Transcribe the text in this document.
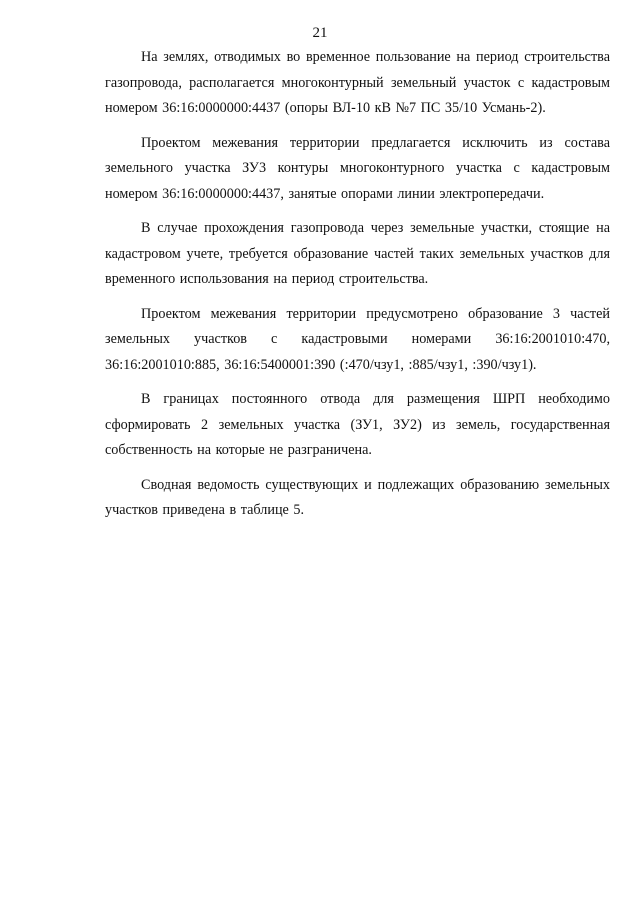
21

На землях, отводимых во временное пользование на период строительства газопровода, располагается многоконтурный земельный участок с кадастровым номером 36:16:0000000:4437 (опоры ВЛ-10 кВ №7 ПС 35/10 Усмань-2).

Проектом межевания территории предлагается исключить из состава земельного участка ЗУ3 контуры многоконтурного участка с кадастровым номером 36:16:0000000:4437, занятые опорами линии электропередачи.

В случае прохождения газопровода через земельные участки, стоящие на кадастровом учете, требуется образование частей таких земельных участков для временного использования на период строительства.

Проектом межевания территории предусмотрено образование 3 частей земельных участков с кадастровыми номерами 36:16:2001010:470, 36:16:2001010:885, 36:16:5400001:390 (:470/чзу1, :885/чзу1, :390/чзу1).

В границах постоянного отвода для размещения ШРП необходимо сформировать 2 земельных участка (ЗУ1, ЗУ2) из земель, государственная собственность на которые не разграничена.

Сводная ведомость существующих и подлежащих образованию земельных участков приведена в таблице 5.
